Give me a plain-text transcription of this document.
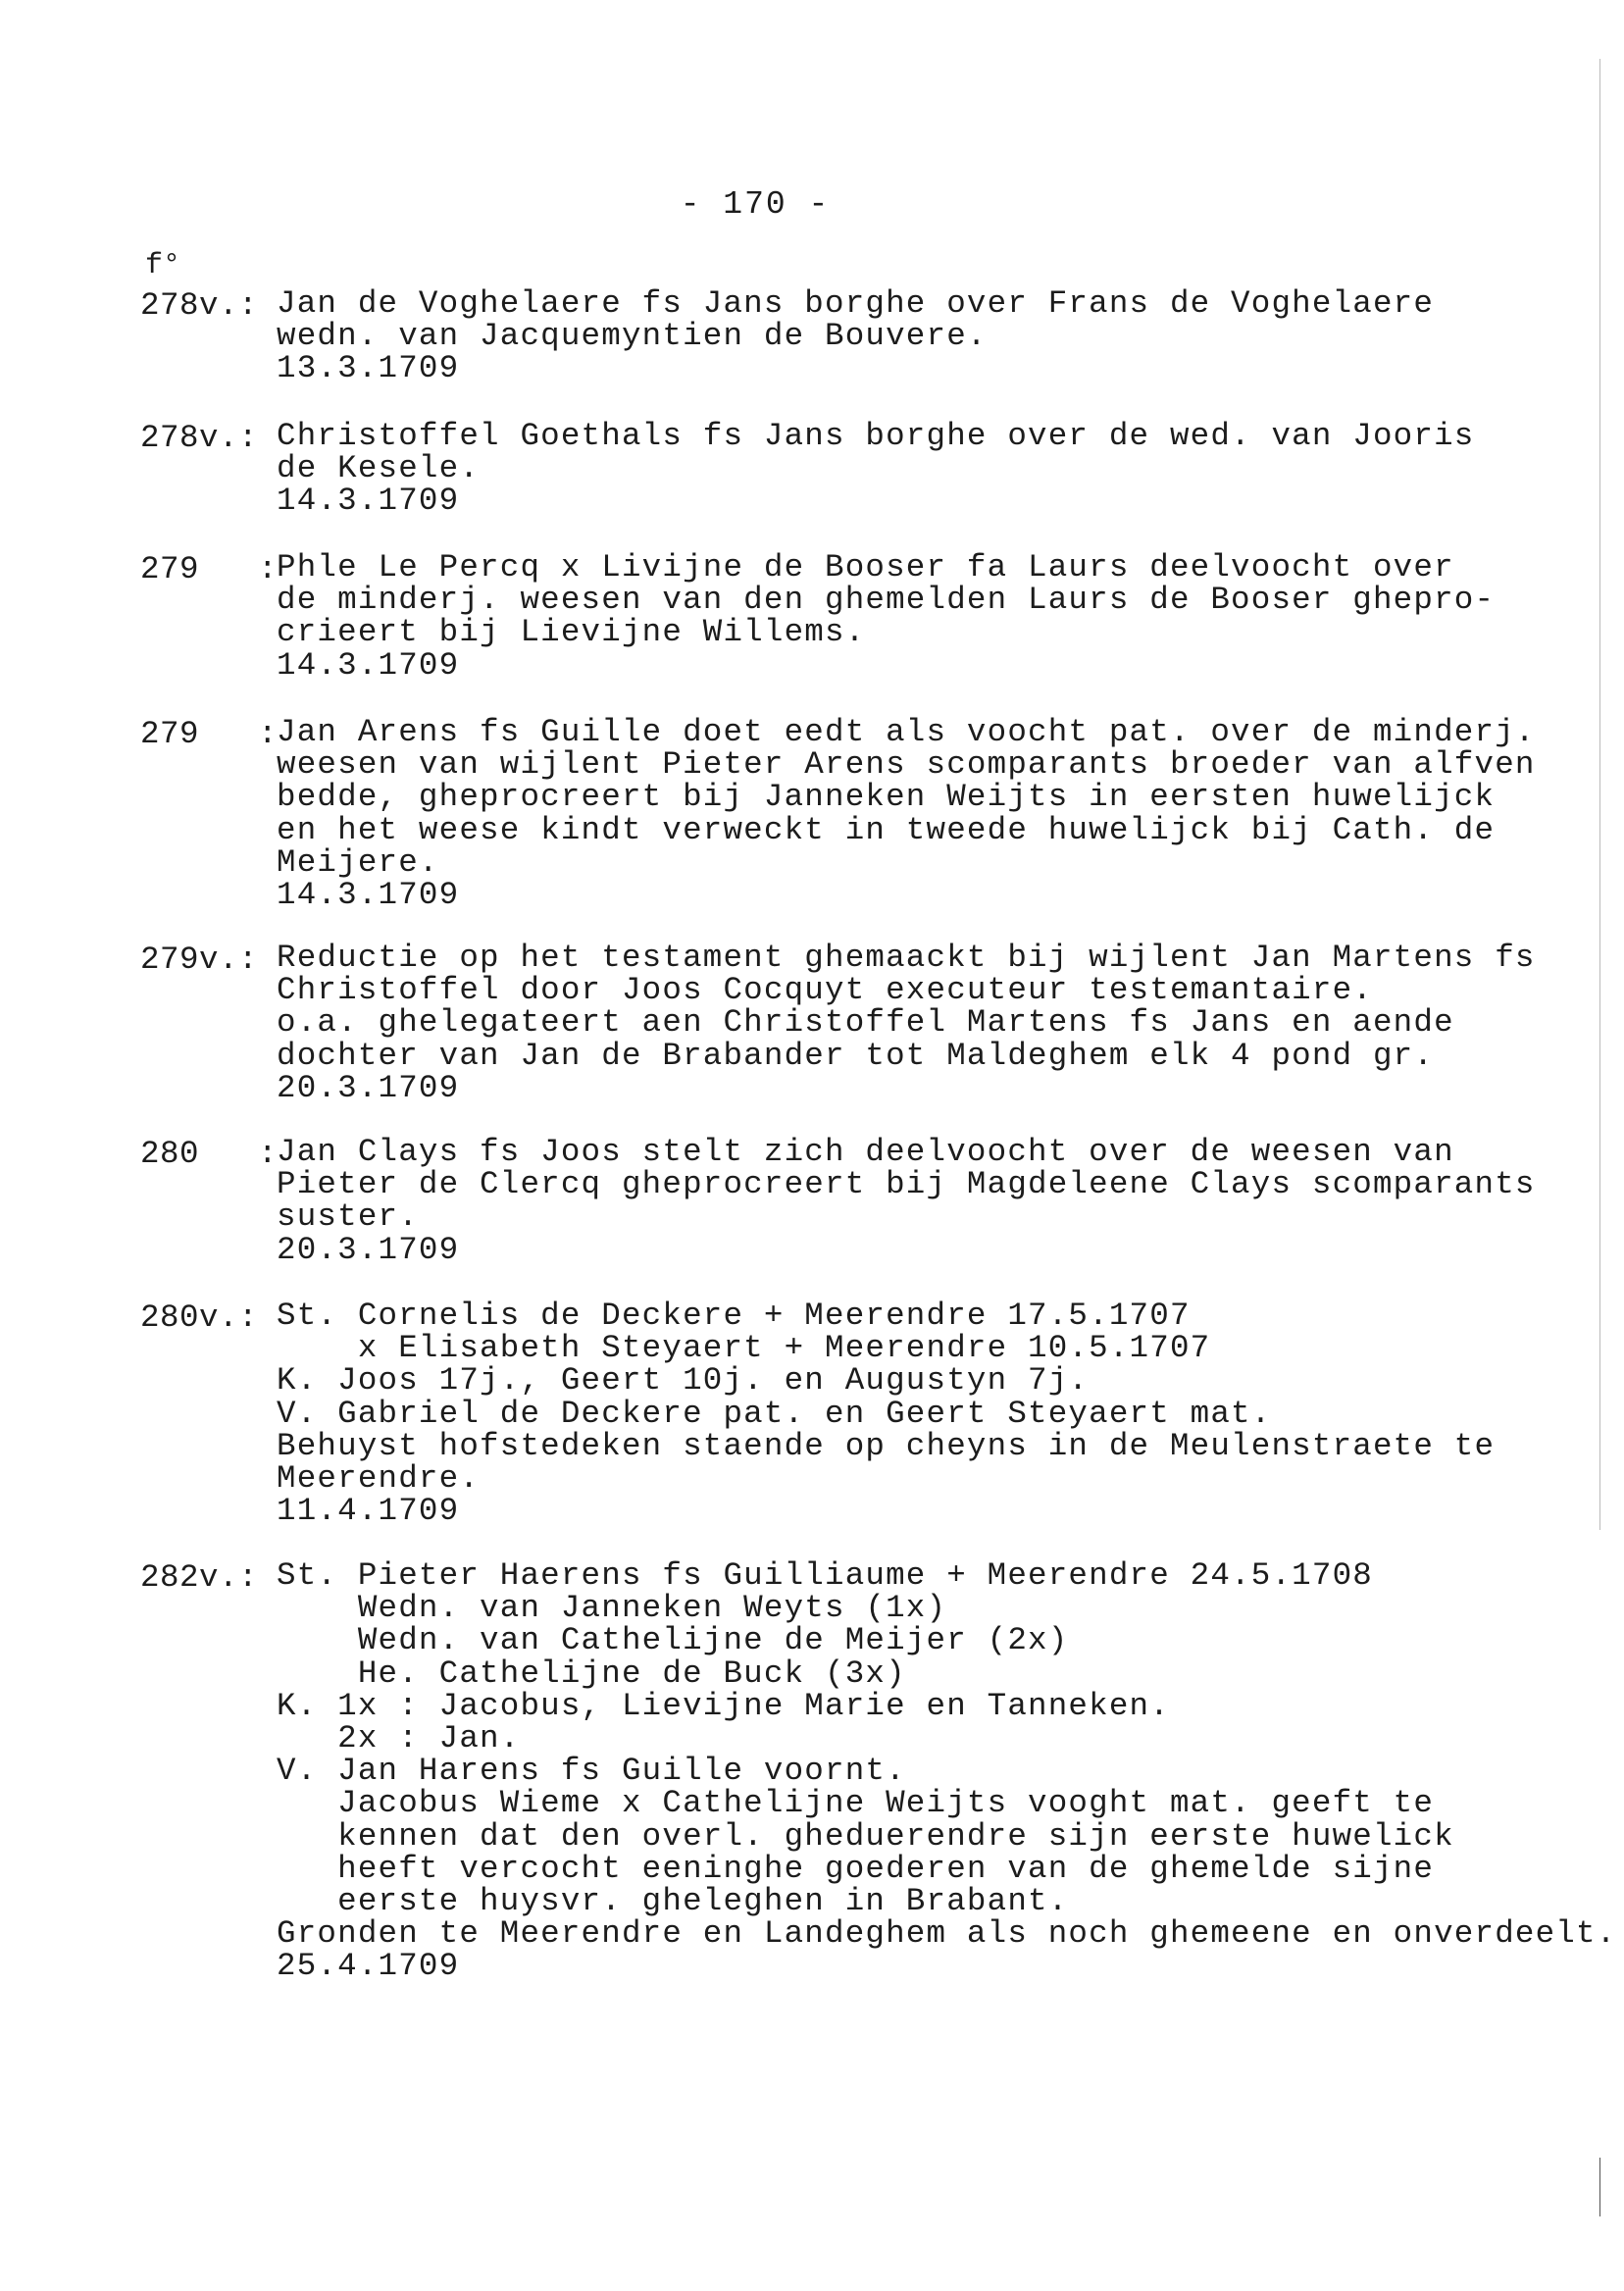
- 170 -
f°
278v.: Jan de Voghelaere fs Jans borghe over Frans de Voghelaere
wedn. van Jacquemyntien de Bouvere.
13.3.1709
278v.: Christoffel Goethals fs Jans borghe over de wed. van Jooris
de Kesele.
14.3.1709
279   :
Phle Le Percq x Livijne de Booser fa Laurs deelvoocht over
de minderj. weesen van den ghemelden Laurs de Booser ghepro-
crieert bij Lievijne Willems.
14.3.1709
279   :
Jan Arens fs Guille doet eedt als voocht pat. over de minderj.
weesen van wijlent Pieter Arens scomparants broeder van alfven
bedde, gheprocreert bij Janneken Weijts in eersten huwelijck
en het weese kindt verweckt in tweede huwelijck bij Cath. de
Meijere.
14.3.1709
279v.: Reductie op het testament ghemaackt bij wijlent Jan Martens fs
Christoffel door Joos Cocquyt executeur testemantaire.
o.a. ghelegateert aen Christoffel Martens fs Jans en aende
dochter van Jan de Brabander tot Maldeghem elk 4 pond gr.
20.3.1709
280   :
Jan Clays fs Joos stelt zich deelvoocht over de weesen van
Pieter de Clercq gheprocreert bij Magdeleene Clays scomparants
suster.
20.3.1709
280v.: St. Cornelis de Deckere + Meerendre 17.5.1707
x Elisabeth Steyaert + Meerendre 10.5.1707
K. Joos 17j., Geert 10j. en Augustyn 7j.
V. Gabriel de Deckere pat. en Geert Steyaert mat.
Behuyst hofstedeken staende op cheyns in de Meulenstraete te
Meerendre.
11.4.1709
282v.: St. Pieter Haerens fs Guilliaume + Meerendre 24.5.1708
Wedn. van Janneken Weyts (1x)
Wedn. van Cathelijne de Meijer (2x)
He. Cathelijne de Buck (3x)
K. 1x : Jacobus, Lievijne Marie en Tanneken.
2x : Jan.
V. Jan Harens fs Guille voornt.
Jacobus Wieme x Cathelijne Weijts vooght mat. geeft te
kennen dat den overl. gheduerendre sijn eerste huwelick
heeft vercocht eeninghe goederen van de ghemelde sijne
eerste huysvr. gheleghen in Brabant.
Gronden te Meerendre en Landeghem als noch ghemeene en onverdeelt.
25.4.1709
